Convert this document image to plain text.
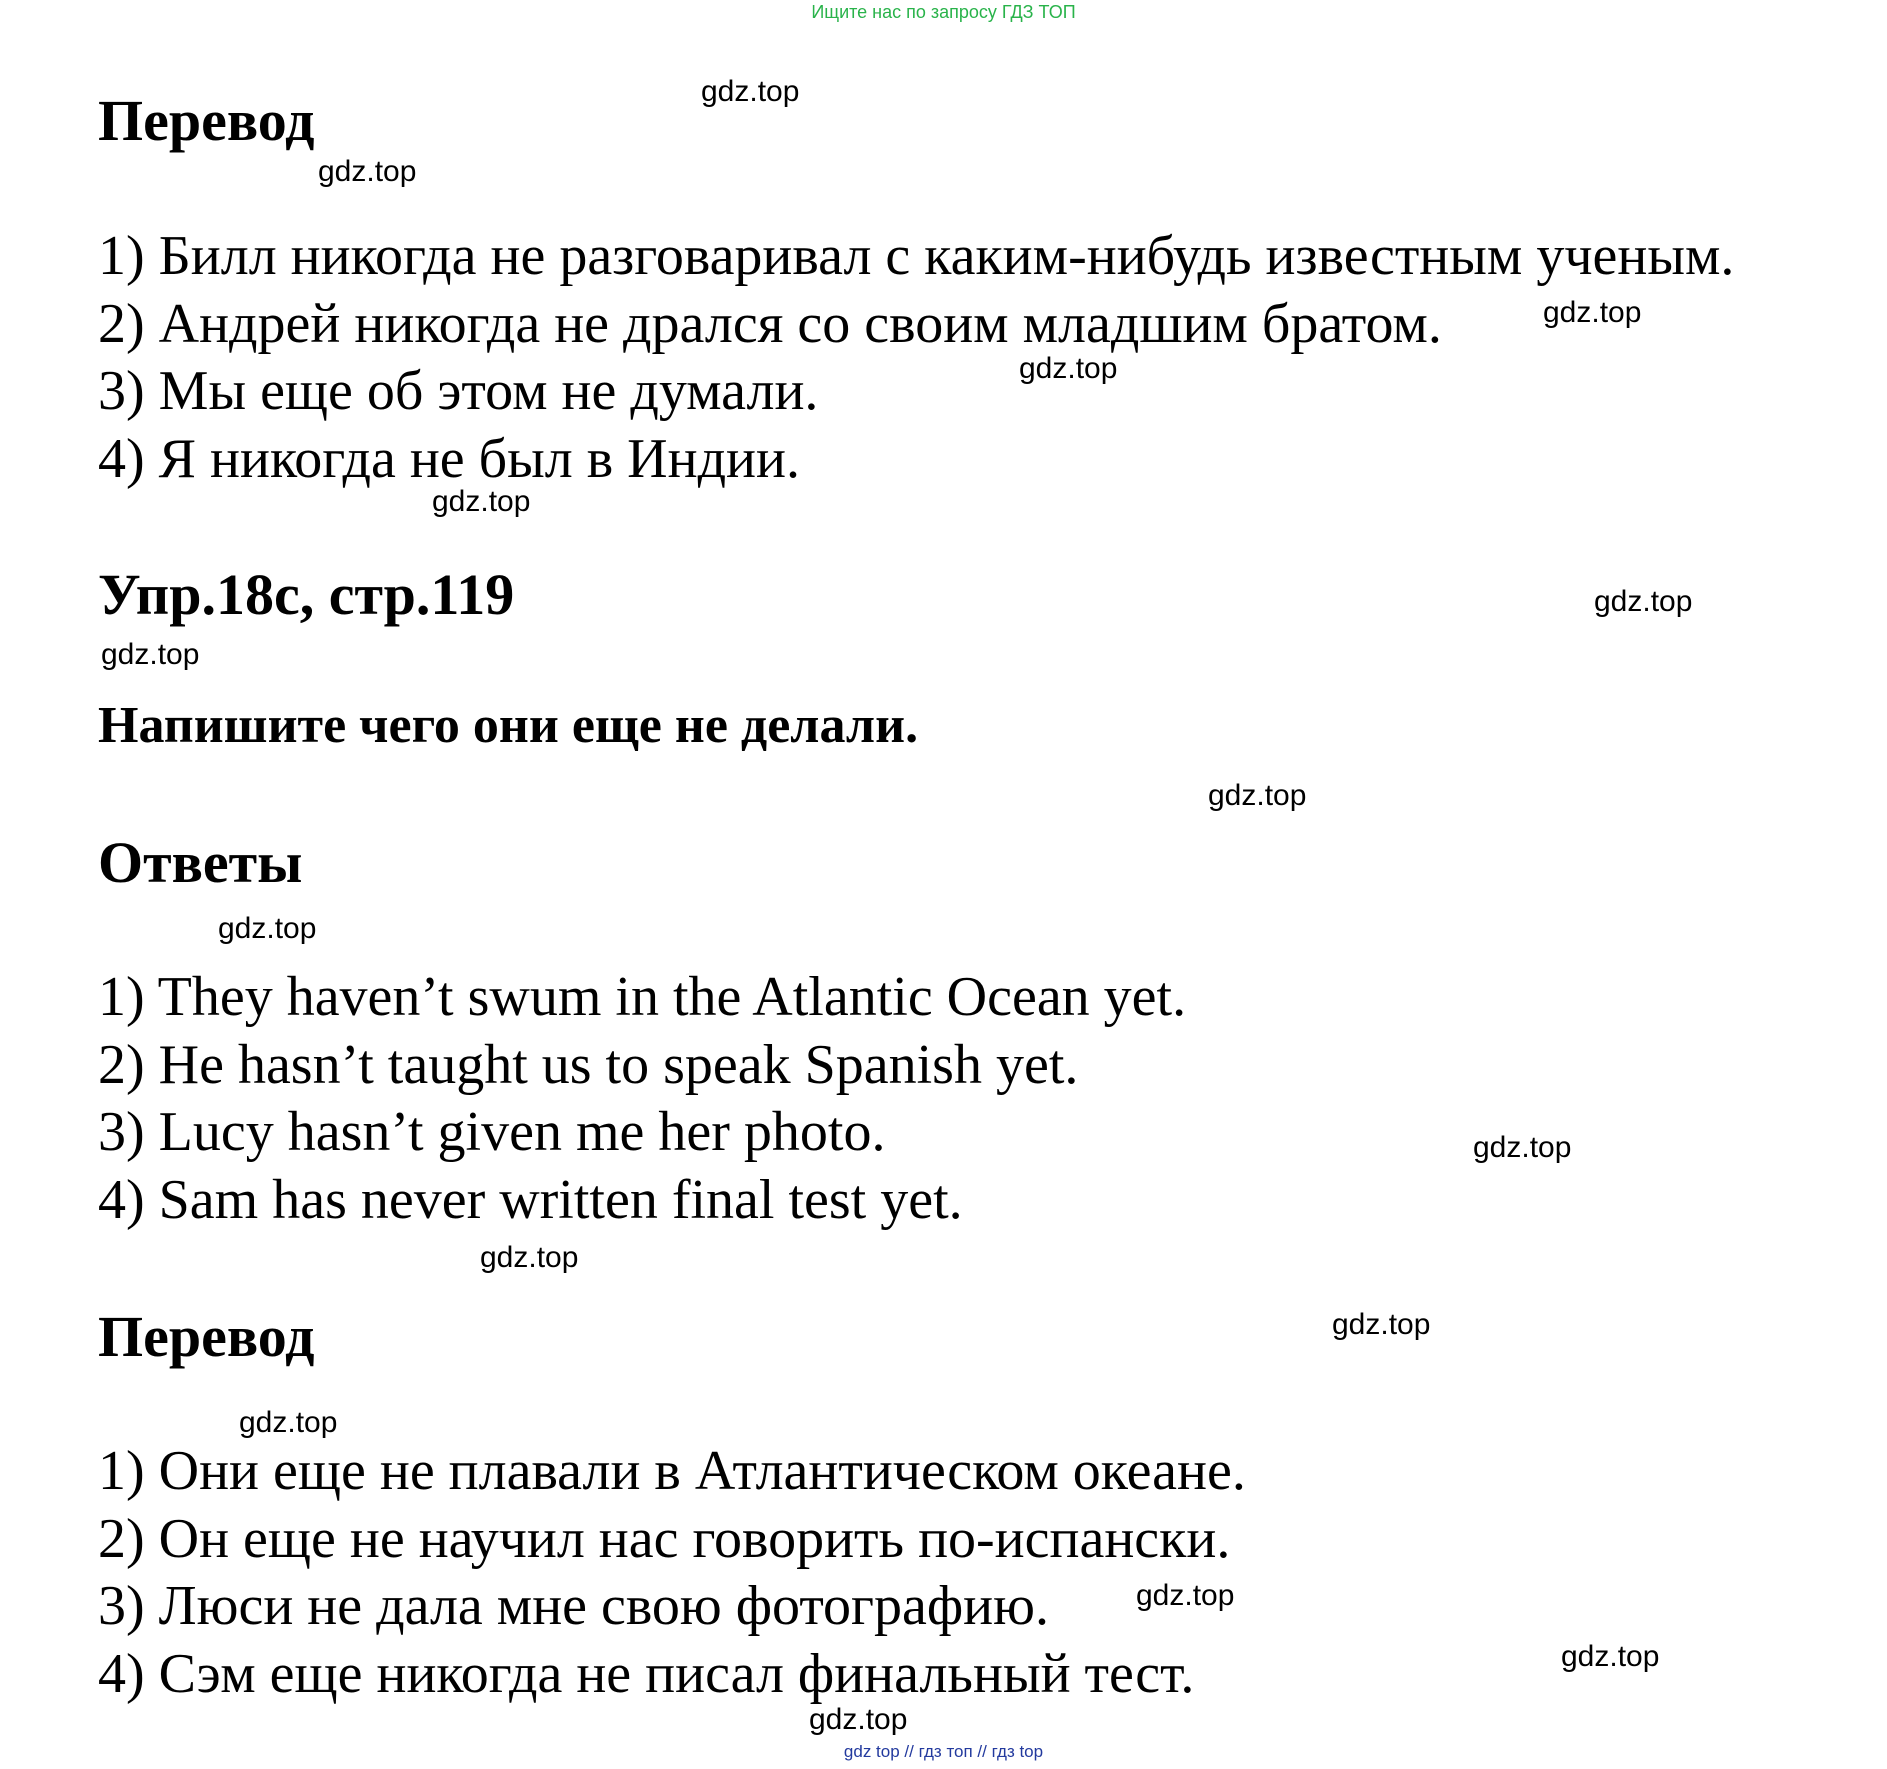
Ищите нас по запросу ГДЗ ТОП
Перевод
1) Билл никогда не разговаривал с каким-нибудь известным ученым.
2) Андрей никогда не дрался со своим младшим братом.
3) Мы еще об этом не думали.
4) Я никогда не был в Индии.
Упр.18с, стр.119
Напишите чего они еще не делали.
Ответы
1) They haven’t swum in the Atlantic Ocean yet.
2) He hasn’t taught us to speak Spanish yet.
3) Lucy hasn’t given me her photo.
4) Sam has never written final test yet.
Перевод
1) Они еще не плавали в Атлантическом океане.
2) Он еще не научил нас говорить по-испански.
3) Люси не дала мне свою фотографию.
4) Сэм еще никогда не писал финальный тест.
gdz.top
gdz.top
gdz.top
gdz.top
gdz.top
gdz.top
gdz.top
gdz.top
gdz.top
gdz.top
gdz.top
gdz.top
gdz.top
gdz.top
gdz.top
gdz.top
gdz top // гдз топ // гдз top
